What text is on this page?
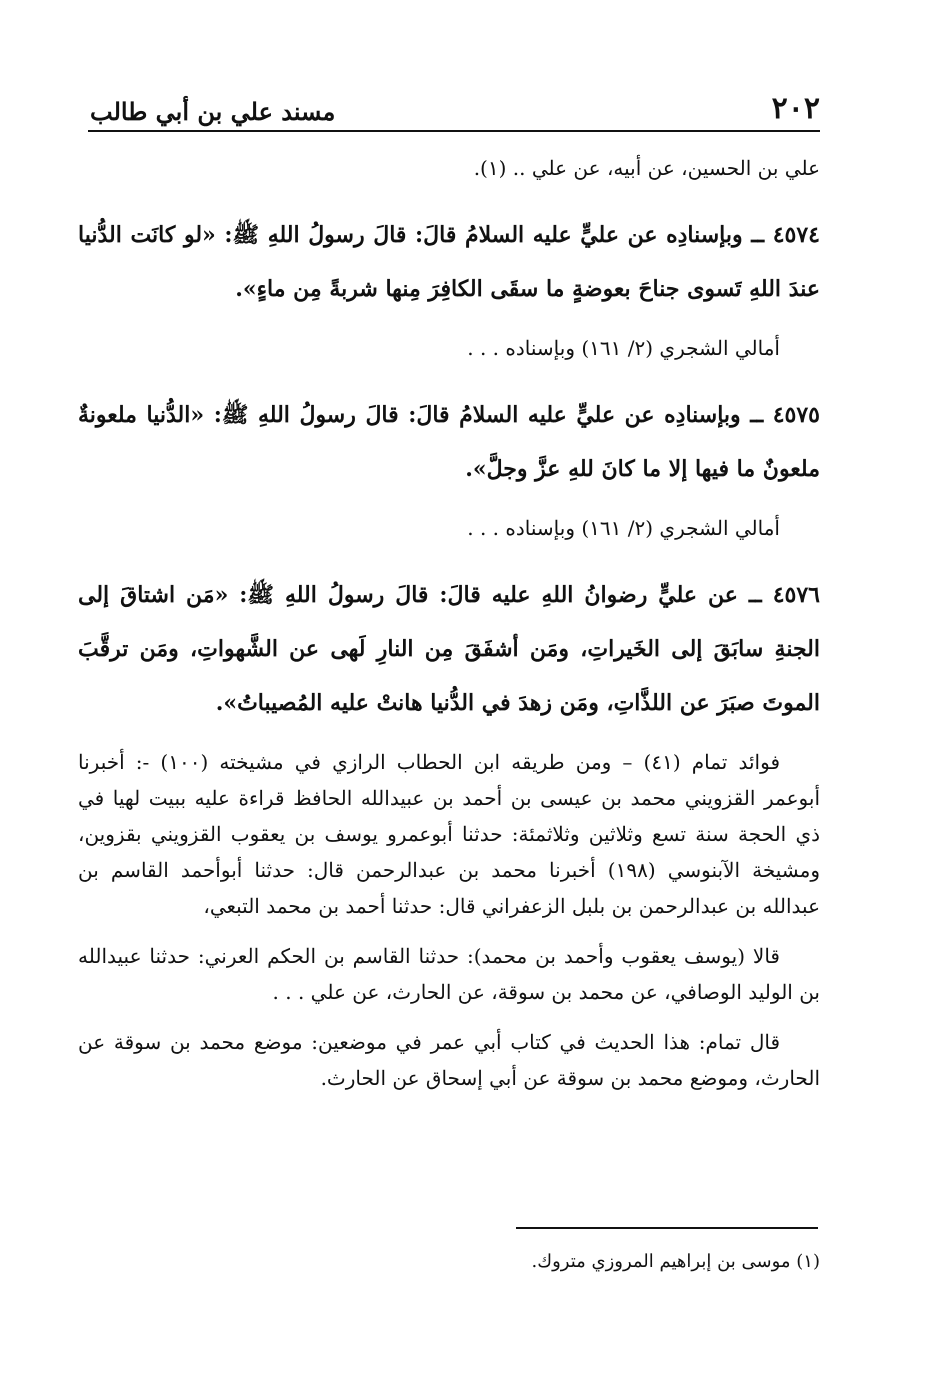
٢٠٢
مسند علي بن أبي طالب

علي بن الحسين، عن أبيه، عن علي .. (١).

٤٥٧٤ ــ وبإسنادِه عن عليٍّ عليه السلامُ قالَ: قالَ رسولُ اللهِ ﷺ: «لو كانَت الدُّنيا عندَ اللهِ تَسوى جناحَ بعوضةٍ ما سقَى الكافِرَ مِنها شربةً مِن ماءٍ».

أمالي الشجري (٢/ ١٦١) وبإسناده . . .

٤٥٧٥ ــ وبإسنادِه عن عليٍّ عليه السلامُ قالَ: قالَ رسولُ اللهِ ﷺ: «الدُّنيا ملعونةٌ ملعونٌ ما فيها إلا ما كانَ للهِ عزَّ وجلَّ».

أمالي الشجري (٢/ ١٦١) وبإسناده . . .

٤٥٧٦ ــ عن عليٍّ رضوانُ اللهِ عليه قالَ: قالَ رسولُ اللهِ ﷺ: «مَن اشتاقَ إلى الجنةِ سابَقَ إلى الخَيراتِ، ومَن أشفَقَ مِن النارِ لَهى عن الشَّهواتِ، ومَن ترقَّبَ الموتَ صبَرَ عن اللذَّاتِ، ومَن زهدَ في الدُّنيا هانتْ عليه المُصيباتُ».

فوائد تمام (٤١) – ومن طريقه ابن الحطاب الرازي في مشيخته (١٠٠) -: أخبرنا أبوعمر القزويني محمد بن عيسى بن أحمد بن عبيدالله الحافظ قراءة عليه ببيت لهيا في ذي الحجة سنة تسع وثلاثين وثلاثمئة: حدثنا أبوعمرو يوسف بن يعقوب القزويني بقزوين، ومشيخة الآبنوسي (١٩٨) أخبرنا محمد بن عبدالرحمن قال: حدثنا أبوأحمد القاسم بن عبدالله بن عبدالرحمن بن بلبل الزعفراني قال: حدثنا أحمد بن محمد التبعي،

قالا (يوسف يعقوب وأحمد بن محمد): حدثنا القاسم بن الحكم العرني: حدثنا عبيدالله بن الوليد الوصافي، عن محمد بن سوقة، عن الحارث، عن علي . . .

قال تمام: هذا الحديث في كتاب أبي عمر في موضعين: موضع محمد بن سوقة عن الحارث، وموضع محمد بن سوقة عن أبي إسحاق عن الحارث.

(١) موسى بن إبراهيم المروزي متروك.
